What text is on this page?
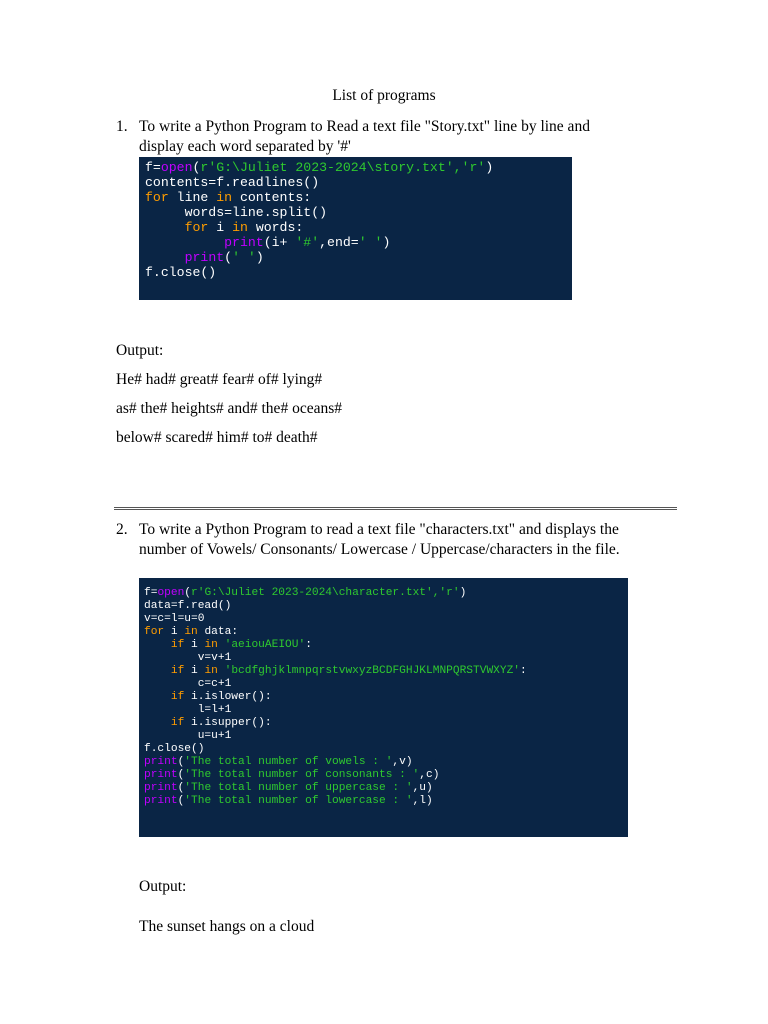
List of programs
1. To write a Python Program to Read a text file "Story.txt" line by line and
display each word separated by '#'
f=open(r'G:\Juliet 2023-2024\story.txt','r')
contents=f.readlines()
for line in contents:
words=line.split()
for i in words:
print(i+ '#',end=' ')
print(' ')
f.close()
Output:
He# had# great# fear# of# lying#
as# the# heights# and# the# oceans#
below# scared# him# to# death#
2. To write a Python Program to read a text file "characters.txt" and displays the
number of Vowels/ Consonants/ Lowercase / Uppercase/characters in the file.
f=open(r'G:\Juliet 2023-2024\character.txt','r')
data=f.read()
v=c=l=u=0
for i in data:
if i in 'aeiouAEIOU':
v=v+1
if i in 'bcdfghjklmnpqrstvwxyzBCDFGHJKLMNPQRSTVWXYZ':
c=c+1
if i.islower():
l=l+1
if i.isupper():
u=u+1
f.close()
print('The total number of vowels : ',v)
print('The total number of consonants : ',c)
print('The total number of uppercase : ',u)
print('The total number of lowercase : ',l)
Output:
The sunset hangs on a cloud
